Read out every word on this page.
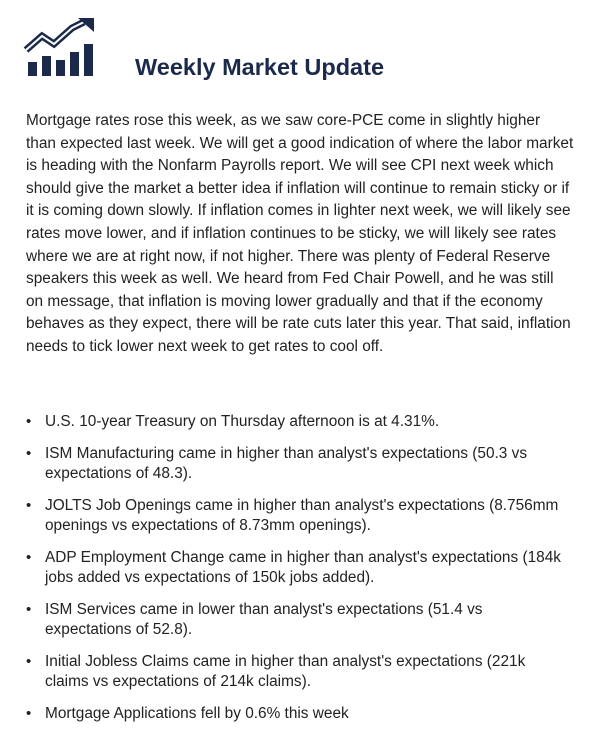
Weekly Market Update

Mortgage rates rose this week, as we saw core-PCE come in slightly higher than expected last week. We will get a good indication of where the labor market is heading with the Nonfarm Payrolls report. We will see CPI next week which should give the market a better idea if inflation will continue to remain sticky or if it is coming down slowly. If inflation comes in lighter next week, we will likely see rates move lower, and if inflation continues to be sticky, we will likely see rates where we are at right now, if not higher. There was plenty of Federal Reserve speakers this week as well. We heard from Fed Chair Powell, and he was still on message, that inflation is moving lower gradually and that if the economy behaves as they expect, there will be rate cuts later this year. That said, inflation needs to tick lower next week to get rates to cool off.

• U.S. 10-year Treasury on Thursday afternoon is at 4.31%.
• ISM Manufacturing came in higher than analyst's expectations (50.3 vs expectations of 48.3).
• JOLTS Job Openings came in higher than analyst's expectations (8.756mm openings vs expectations of 8.73mm openings).
• ADP Employment Change came in higher than analyst's expectations (184k jobs added vs expectations of 150k jobs added).
• ISM Services came in lower than analyst's expectations (51.4 vs expectations of 52.8).
• Initial Jobless Claims came in higher than analyst's expectations (221k claims vs expectations of 214k claims).
• Mortgage Applications fell by 0.6% this week
